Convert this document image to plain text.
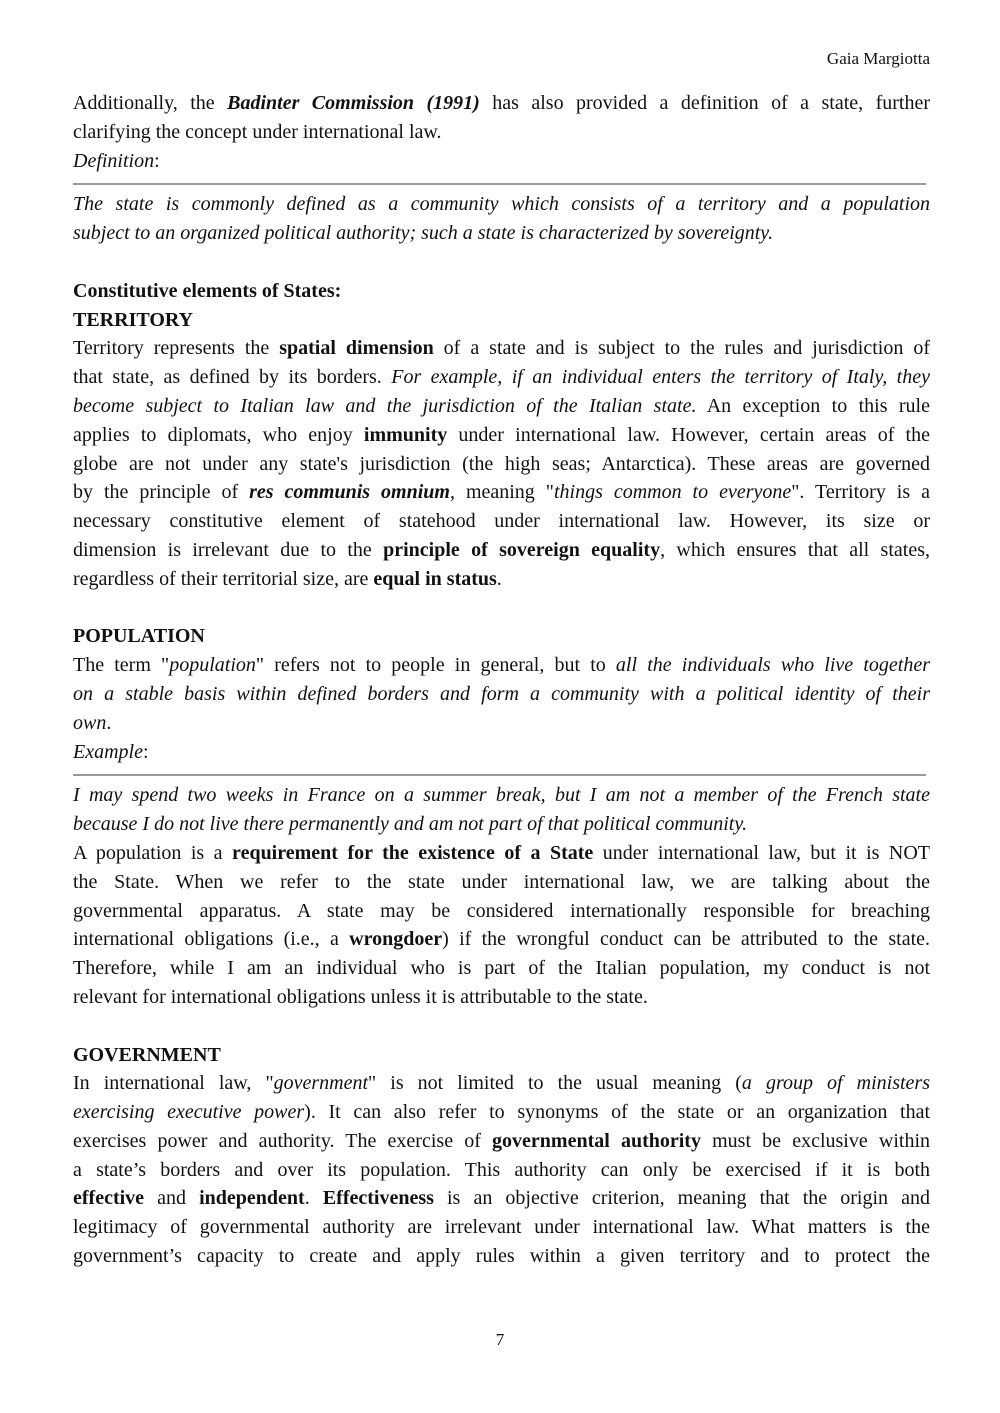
Gaia Margiotta

Additionally, the Badinter Commission (1991) has also provided a definition of a state, further
clarifying the concept under international law.
Definition:

The state is commonly defined as a community which consists of a territory and a population
subject to an organized political authority; such a state is characterized by sovereignty.

Constitutive elements of States:

TERRITORY

Territory represents the spatial dimension of a state and is subject to the rules and jurisdiction of
that state, as defined by its borders. For example, if an individual enters the territory of Italy, they
become subject to Italian law and the jurisdiction of the Italian state. An exception to this rule
applies to diplomats, who enjoy immunity under international law. However, certain areas of the
globe are not under any state's jurisdiction (the high seas; Antarctica). These areas are governed
by the principle of res communis omnium, meaning "things common to everyone". Territory is a
necessary constitutive element of statehood under international law. However, its size or
dimension is irrelevant due to the principle of sovereign equality, which ensures that all states,
regardless of their territorial size, are equal in status.

POPULATION

The term "population" refers not to people in general, but to all the individuals who live together
on a stable basis within defined borders and form a community with a political identity of their
own.
Example:

I may spend two weeks in France on a summer break, but I am not a member of the French state
because I do not live there permanently and am not part of that political community.

A population is a requirement for the existence of a State under international law, but it is NOT
the State. When we refer to the state under international law, we are talking about the
governmental apparatus. A state may be considered internationally responsible for breaching
international obligations (i.e., a wrongdoer) if the wrongful conduct can be attributed to the state.
Therefore, while I am an individual who is part of the Italian population, my conduct is not
relevant for international obligations unless it is attributable to the state.

GOVERNMENT

In international law, "government" is not limited to the usual meaning (a group of ministers
exercising executive power). It can also refer to synonyms of the state or an organization that
exercises power and authority. The exercise of governmental authority must be exclusive within
a state’s borders and over its population. This authority can only be exercised if it is both
effective and independent. Effectiveness is an objective criterion, meaning that the origin and
legitimacy of governmental authority are irrelevant under international law. What matters is the
government’s capacity to create and apply rules within a given territory and to protect the

7
